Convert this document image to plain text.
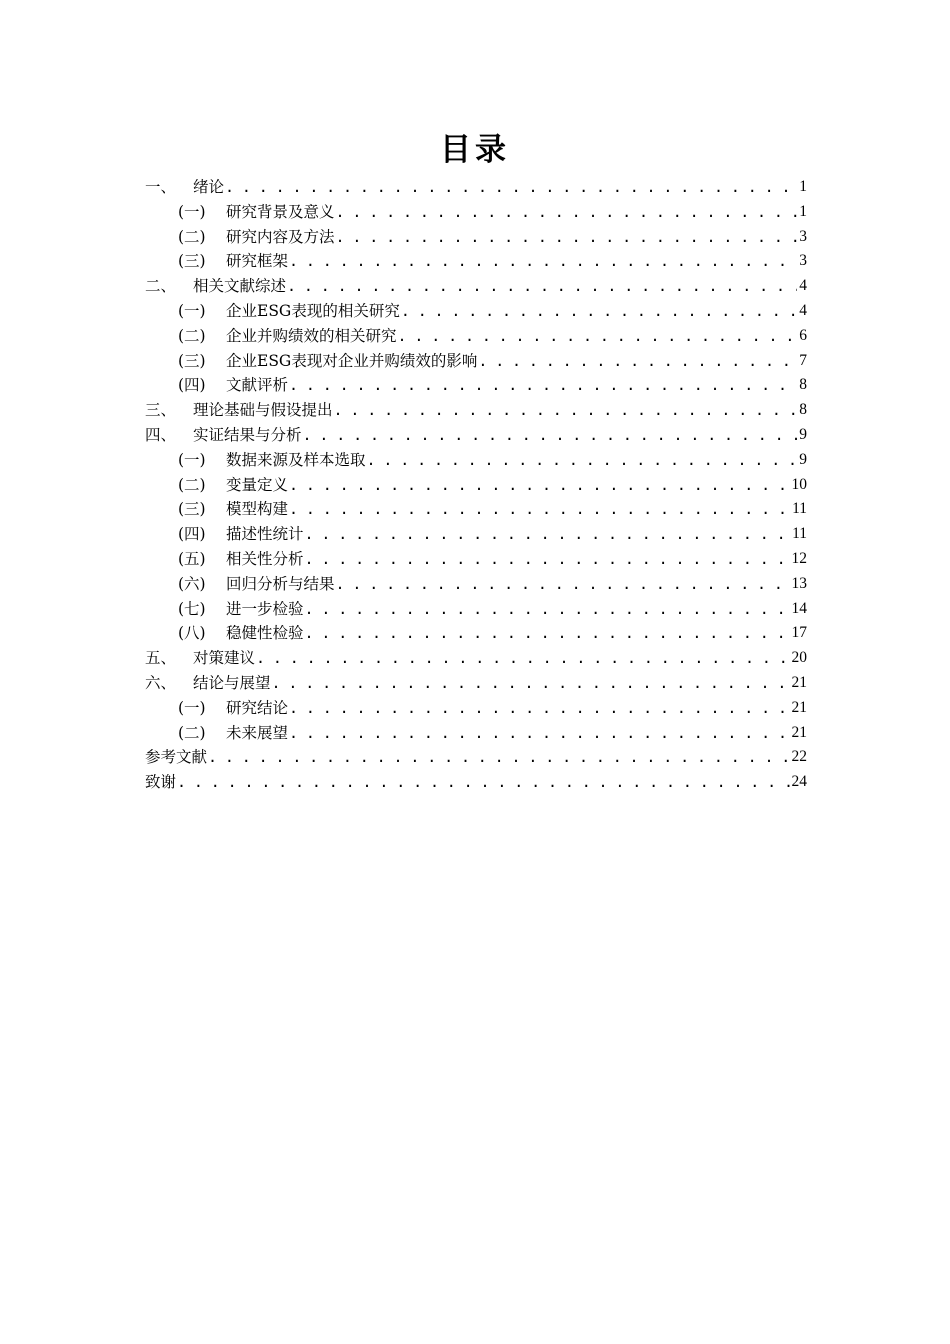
目录
一、 绪论 . . .	1
(一) 研究背景及意义 . . .	1
(二) 研究内容及方法 . . .	3
(三) 研究框架 . . .	3
二、 相关文献综述 . . .	4
(一) 企业ESG表现的相关研究 . . .	4
(二) 企业并购绩效的相关研究 . . .	6
(三) 企业ESG表现对企业并购绩效的影响 . . .	7
(四) 文献评析 . . .	8
三、 理论基础与假设提出 . . .	8
四、 实证结果与分析 . . .	9
(一) 数据来源及样本选取 . . .	9
(二) 变量定义 . . .	10
(三) 模型构建 . . .	11
(四) 描述性统计 . . .	11
(五) 相关性分析 . . .	12
(六) 回归分析与结果 . . .	13
(七) 进一步检验 . . .	14
(八) 稳健性检验 . . .	17
五、 对策建议 . . .	20
六、 结论与展望 . . .	21
(一) 研究结论 . . .	21
(二) 未来展望 . . .	21
参考文献 . . .	22
致谢 . . .	24
